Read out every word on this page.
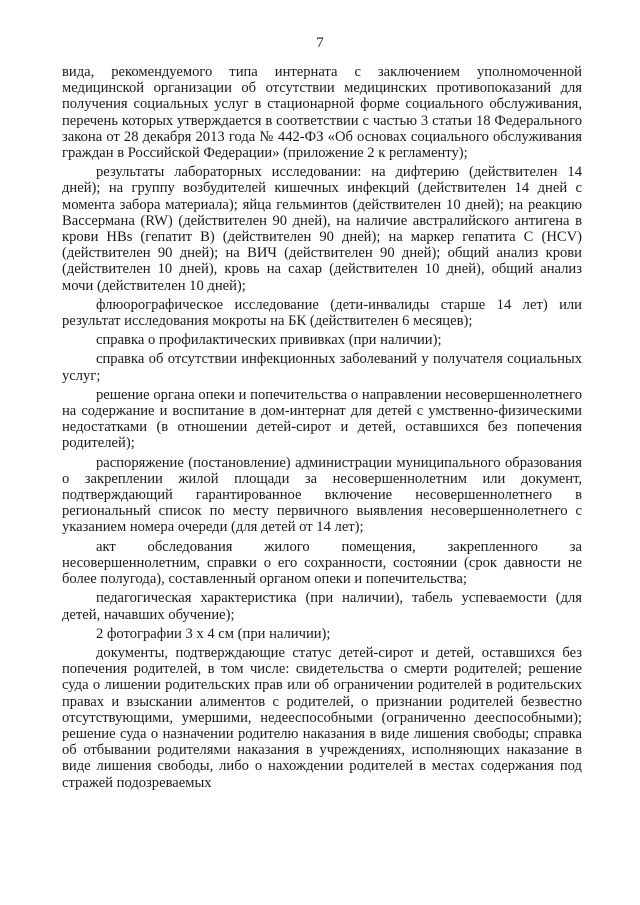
7

вида, рекомендуемого типа интерната с заключением уполномоченной медицинской организации об отсутствии медицинских противопоказаний для получения социальных услуг в стационарной форме социального обслуживания, перечень которых утверждается в соответствии с частью 3 статьи 18 Федерального закона от 28 декабря 2013 года № 442-ФЗ «Об основах социального обслуживания граждан в Российской Федерации» (приложение 2 к регламенту);

результаты лабораторных исследовании: на дифтерию (действителен 14 дней); на группу возбудителей кишечных инфекций (действителен 14 дней с момента забора материала); яйца гельминтов (действителен 10 дней); на реакцию Вассермана (RW) (действителен 90 дней), на наличие австралийского антигена в крови HBs (гепатит В) (действителен 90 дней); на маркер гепатита С (HCV) (действителен 90 дней); на ВИЧ (действителен 90 дней); общий анализ крови (действителен 10 дней), кровь на сахар (действителен 10 дней), общий анализ мочи (действителен 10 дней);

флюорографическое исследование (дети-инвалиды старше 14 лет) или результат исследования мокроты на БК (действителен 6 месяцев);

справка о профилактических прививках (при наличии);

справка об отсутствии инфекционных заболеваний у получателя социальных услуг;

решение органа опеки и попечительства о направлении несовершеннолетнего на содержание и воспитание в дом-интернат для детей с умственно-физическими недостатками (в отношении детей-сирот и детей, оставшихся без попечения родителей);

распоряжение (постановление) администрации муниципального образования о закреплении жилой площади за несовершеннолетним или документ, подтверждающий гарантированное включение несовершеннолетнего в региональный список по месту первичного выявления несовершеннолетнего с указанием номера очереди (для детей от 14 лет);

акт обследования жилого помещения, закрепленного за несовершеннолетним, справки о его сохранности, состоянии (срок давности не более полугода), составленный органом опеки и попечительства;

педагогическая характеристика (при наличии), табель успеваемости (для детей, начавших обучение);

2 фотографии 3 х 4 см (при наличии);

документы, подтверждающие статус детей-сирот и детей, оставшихся без попечения родителей, в том числе: свидетельства о смерти родителей; решение суда о лишении родительских прав или об ограничении родителей в родительских правах и взыскании алиментов с родителей, о признании родителей безвестно отсутствующими, умершими, недееспособными (ограниченно дееспособными); решение суда о назначении родителю наказания в виде лишения свободы; справка об отбывании родителями наказания в учреждениях, исполняющих наказание в виде лишения свободы, либо о нахождении родителей в местах содержания под стражей подозреваемых
